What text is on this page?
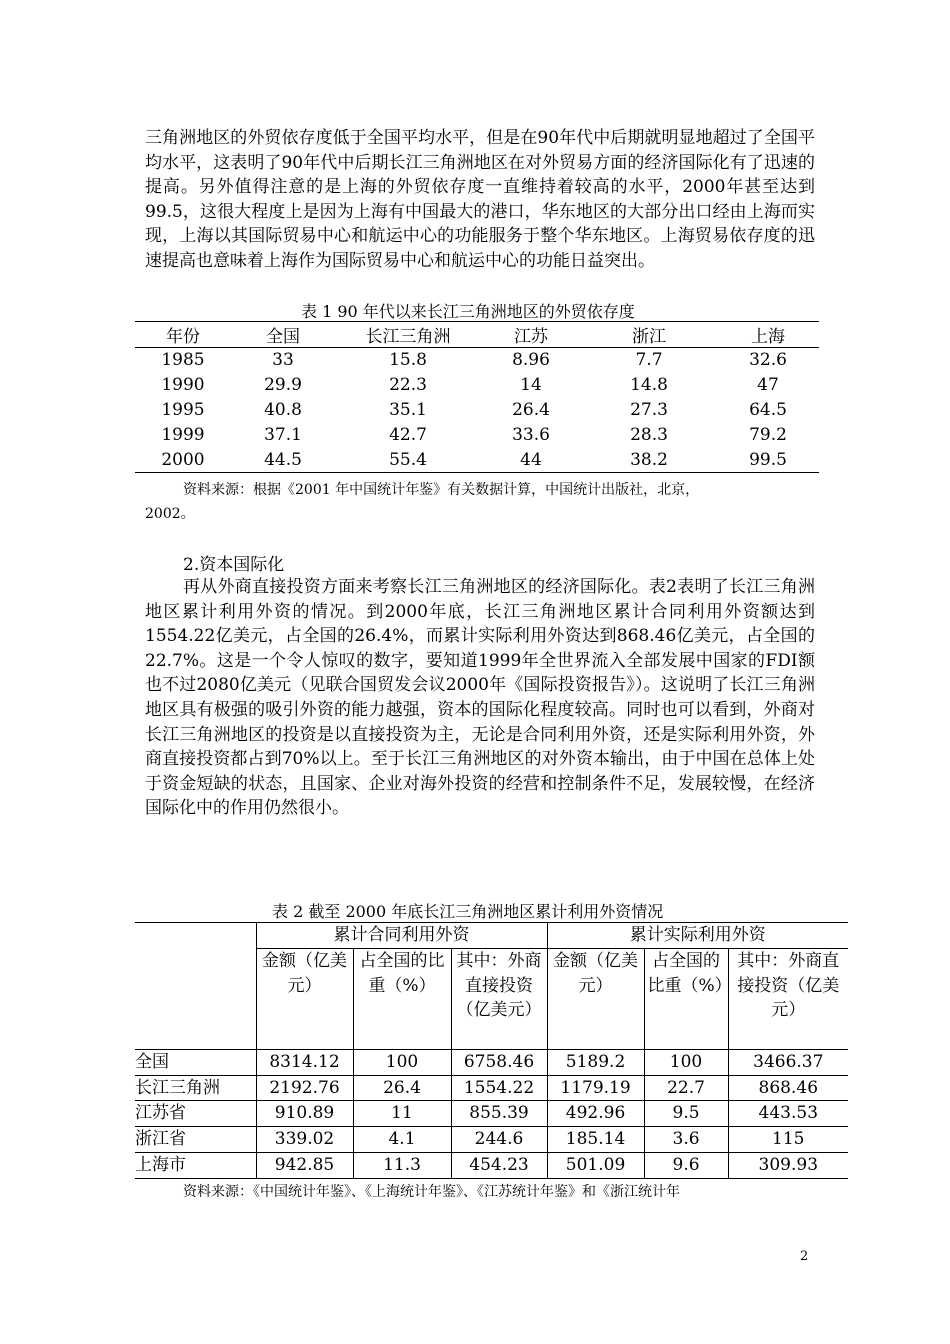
三角洲地区的外贸依存度低于全国平均水平，但是在90年代中后期就明显地超过了全国平均水平，这表明了90年代中后期长江三角洲地区在对外贸易方面的经济国际化有了迅速的提高。另外值得注意的是上海的外贸依存度一直维持着较高的水平，2000年甚至达到99.5，这很大程度上是因为上海有中国最大的港口，华东地区的大部分出口经由上海而实现，上海以其国际贸易中心和航运中心的功能服务于整个华东地区。上海贸易依存度的迅速提高也意味着上海作为国际贸易中心和航运中心的功能日益突出。

表 1 90 年代以来长江三角洲地区的外贸依存度

年份	全国	长江三角洲	江苏	浙江	上海
1985	33	15.8	8.96	7.7	32.6
1990	29.9	22.3	14	14.8	47
1995	40.8	35.1	26.4	27.3	64.5
1999	37.1	42.7	33.6	28.3	79.2
2000	44.5	55.4	44	38.2	99.5

资料来源：根据《2001 年中国统计年鉴》有关数据计算，中国统计出版社，北京，

2002。

2.资本国际化

再从外商直接投资方面来考察长江三角洲地区的经济国际化。表2表明了长江三角洲地区累计利用外资的情况。到2000年底，长江三角洲地区累计合同利用外资额达到1554.22亿美元，占全国的26.4%，而累计实际利用外资达到868.46亿美元，占全国的22.7%。这是一个令人惊叹的数字，要知道1999年全世界流入全部发展中国家的FDI额也不过2080亿美元（见联合国贸发会议2000年《国际投资报告》）。这说明了长江三角洲地区具有极强的吸引外资的能力越强，资本的国际化程度较高。同时也可以看到，外商对长江三角洲地区的投资是以直接投资为主，无论是合同利用外资，还是实际利用外资，外商直接投资都占到70%以上。至于长江三角洲地区的对外资本输出，由于中国在总体上处于资金短缺的状态，且国家、企业对海外投资的经营和控制条件不足，发展较慢，在经济国际化中的作用仍然很小。

表 2 截至 2000 年底长江三角洲地区累计利用外资情况

	累计合同利用外资			累计实际利用外资		
	金额（亿美元）	占全国的比重（%）	其中：外商直接投资（亿美元）	金额（亿美元）	占全国的比重（%）	其中：外商直接投资（亿美元）
全国	8314.12	100	6758.46	5189.2	100	3466.37
长江三角洲	2192.76	26.4	1554.22	1179.19	22.7	868.46
江苏省	910.89	11	855.39	492.96	9.5	443.53
浙江省	339.02	4.1	244.6	185.14	3.6	115
上海市	942.85	11.3	454.23	501.09	9.6	309.93

资料来源：《中国统计年鉴》、《上海统计年鉴》、《江苏统计年鉴》和《浙江统计年

2
